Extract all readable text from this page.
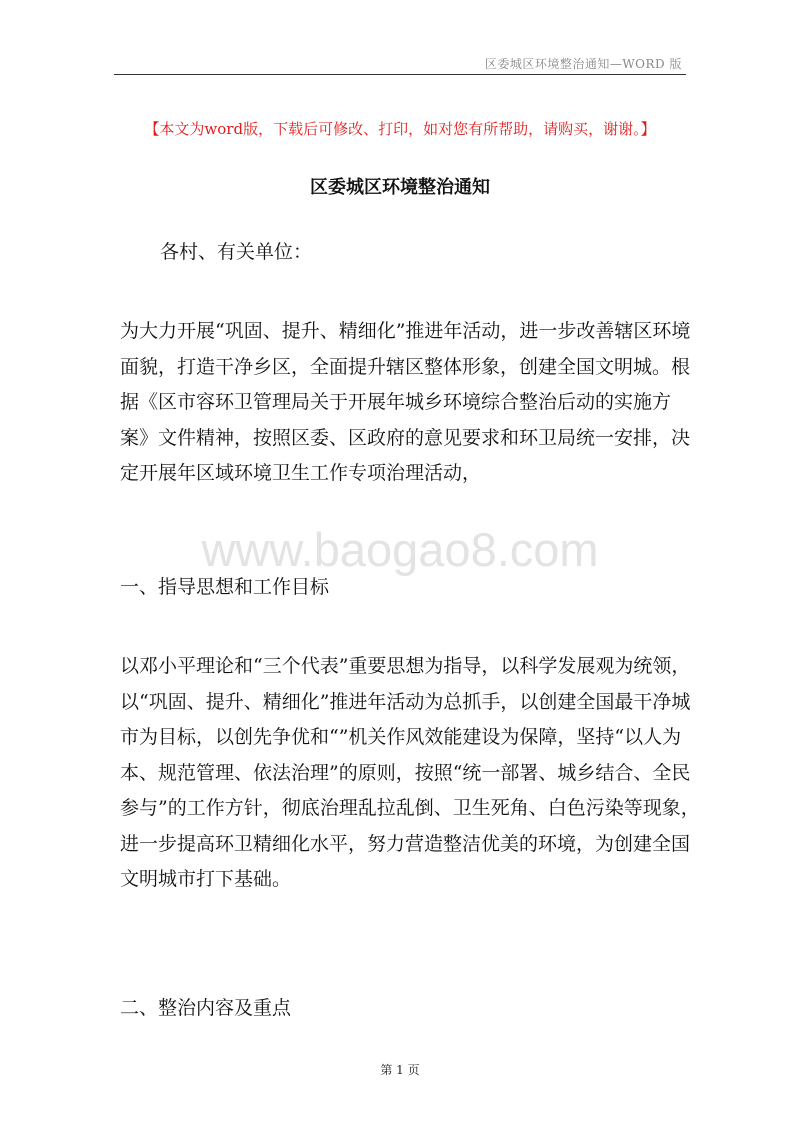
区委城区环境整治通知—WORD 版
【本文为word版，下载后可修改、打印，如对您有所帮助，请购买，谢谢。】
区委城区环境整治通知
各村、有关单位：
为大力开展“巩固、提升、精细化”推进年活动，进一步改善辖区环境
面貌，打造干净乡区，全面提升辖区整体形象，创建全国文明城。根
据《区市容环卫管理局关于开展年城乡环境综合整治后动的实施方
案》文件精神，按照区委、区政府的意见要求和环卫局统一安排，决
定开展年区域环境卫生工作专项治理活动，
www.baogao8.com
一、指导思想和工作目标
以邓小平理论和“三个代表”重要思想为指导，以科学发展观为统领，
以“巩固、提升、精细化”推进年活动为总抓手，以创建全国最干净城
市为目标，以创先争优和“”机关作风效能建设为保障，坚持“以人为
本、规范管理、依法治理”的原则，按照“统一部署、城乡结合、全民
参与”的工作方针，彻底治理乱拉乱倒、卫生死角、白色污染等现象，
进一步提高环卫精细化水平，努力营造整洁优美的环境，为创建全国
文明城市打下基础。
二、整治内容及重点
第 1 页
